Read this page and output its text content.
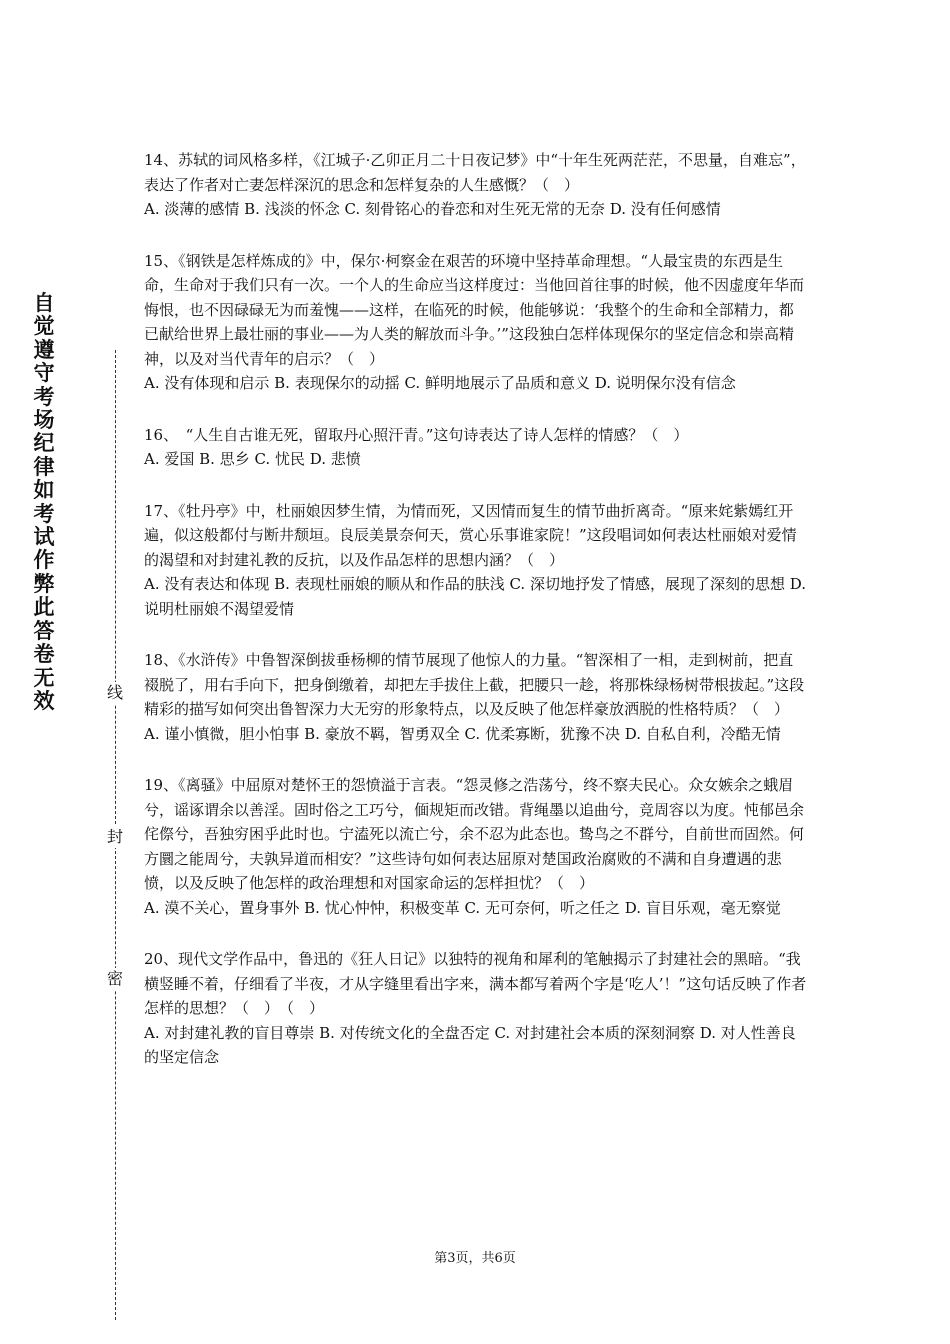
自觉遵守考场纪律如考试作弊此答卷无效	线
封
密

14、苏轼的词风格多样，《江城子·乙卯正月二十日夜记梦》中“十年生死两茫茫，不思量，自难忘”，表达了作者对亡妻怎样深沉的思念和怎样复杂的人生感慨？（　）

A. 淡薄的感情 B. 浅淡的怀念 C. 刻骨铭心的眷恋和对生死无常的无奈 D. 没有任何感情

15、《钢铁是怎样炼成的》中，保尔·柯察金在艰苦的环境中坚持革命理想。“人最宝贵的东西是生命，生命对于我们只有一次。一个人的生命应当这样度过：当他回首往事的时候，他不因虚度年华而悔恨，也不因碌碌无为而羞愧——这样，在临死的时候，他能够说：‘我整个的生命和全部精力，都已献给世界上最壮丽的事业——为人类的解放而斗争。’”这段独白怎样体现保尔的坚定信念和崇高精神，以及对当代青年的启示？（　）

A. 没有体现和启示 B. 表现保尔的动摇 C. 鲜明地展示了品质和意义 D. 说明保尔没有信念

16、　“人生自古谁无死，留取丹心照汗青。”这句诗表达了诗人怎样的情感？（　）

A. 爱国 B. 思乡 C. 忧民 D. 悲愤

17、《牡丹亭》中，杜丽娘因梦生情，为情而死，又因情而复生的情节曲折离奇。“原来姹紫嫣红开遍，似这般都付与断井颓垣。良辰美景奈何天，赏心乐事谁家院！”这段唱词如何表达杜丽娘对爱情的渴望和对封建礼教的反抗，以及作品怎样的思想内涵？（　）

A. 没有表达和体现 B. 表现杜丽娘的顺从和作品的肤浅 C. 深切地抒发了情感，展现了深刻的思想 D. 说明杜丽娘不渴望爱情

18、《水浒传》中鲁智深倒拔垂杨柳的情节展现了他惊人的力量。“智深相了一相，走到树前，把直裰脱了，用右手向下，把身倒缴着，却把左手拔住上截，把腰只一趁，将那株绿杨树带根拔起。”这段精彩的描写如何突出鲁智深力大无穷的形象特点，以及反映了他怎样豪放洒脱的性格特质？（　）

A. 谨小慎微，胆小怕事 B. 豪放不羁，智勇双全 C. 优柔寡断，犹豫不决 D. 自私自利，冷酷无情

19、《离骚》中屈原对楚怀王的怨愤溢于言表。“怨灵修之浩荡兮，终不察夫民心。众女嫉余之蛾眉兮，谣诼谓余以善淫。固时俗之工巧兮，偭规矩而改错。背绳墨以追曲兮，竞周容以为度。忳郁邑余侘傺兮，吾独穷困乎此时也。宁溘死以流亡兮，余不忍为此态也。鸷鸟之不群兮，自前世而固然。何方圜之能周兮，夫孰异道而相安？”这些诗句如何表达屈原对楚国政治腐败的不满和自身遭遇的悲愤，以及反映了他怎样的政治理想和对国家命运的怎样担忧？（　）

A. 漠不关心，置身事外 B. 忧心忡忡，积极变革 C. 无可奈何，听之任之 D. 盲目乐观，毫无察觉

20、现代文学作品中，鲁迅的《狂人日记》以独特的视角和犀利的笔触揭示了封建社会的黑暗。“我横竖睡不着，仔细看了半夜，才从字缝里看出字来，满本都写着两个字是‘吃人’！”这句话反映了作者怎样的思想？（　）　（　）

A. 对封建礼教的盲目尊崇 B. 对传统文化的全盘否定 C. 对封建社会本质的深刻洞察 D. 对人性善良的坚定信念

第3页，共6页
